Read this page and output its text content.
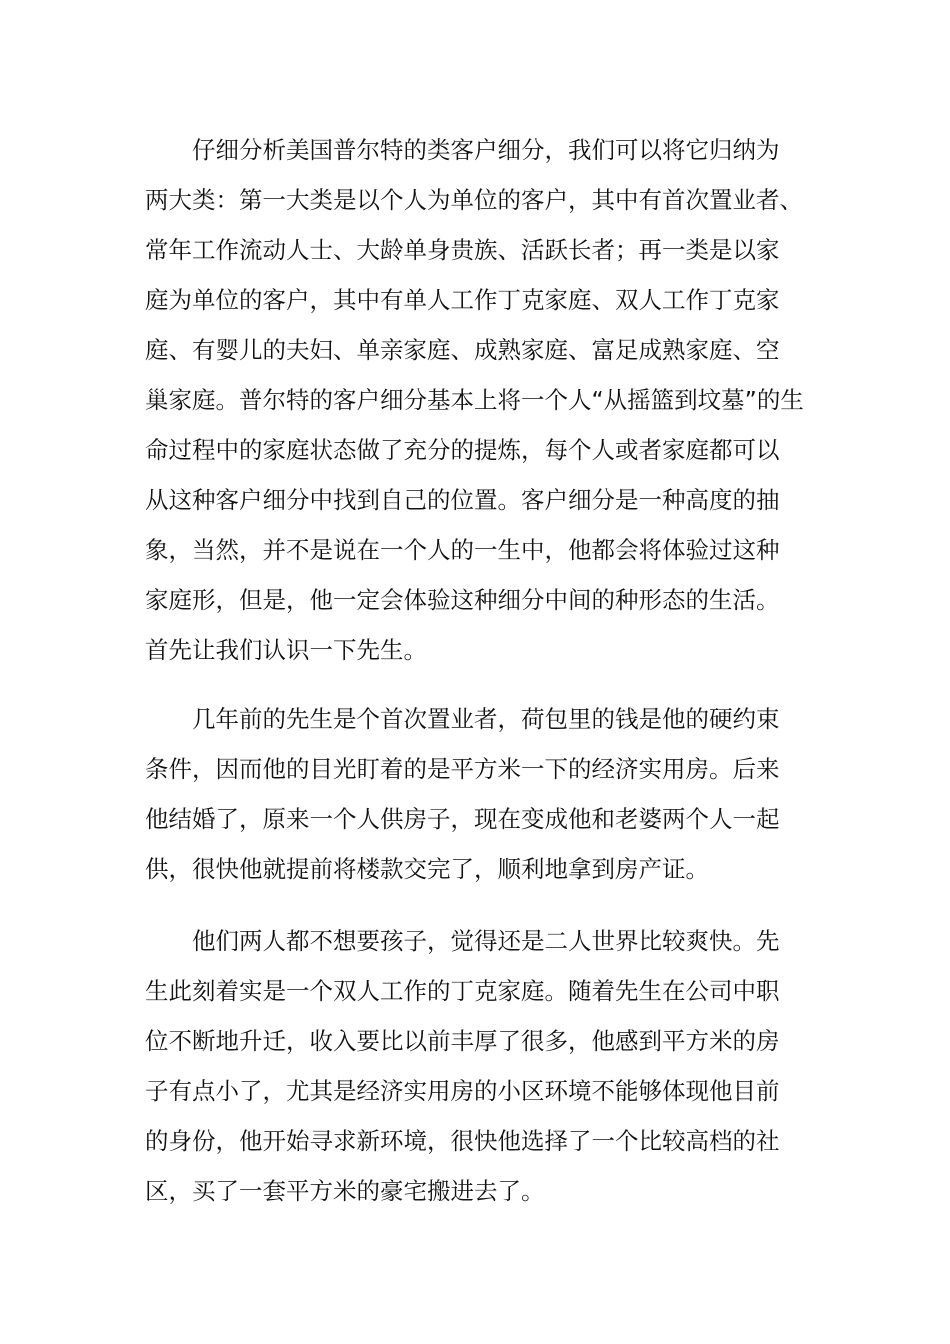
仔细分析美国普尔特的类客户细分，我们可以将它归纳为
两大类：第一大类是以个人为单位的客户，其中有首次置业者、
常年工作流动人士、大龄单身贵族、活跃长者；再一类是以家
庭为单位的客户，其中有单人工作丁克家庭、双人工作丁克家
庭、有婴儿的夫妇、单亲家庭、成熟家庭、富足成熟家庭、空
巢家庭。普尔特的客户细分基本上将一个人“从摇篮到坟墓”的生
命过程中的家庭状态做了充分的提炼，每个人或者家庭都可以
从这种客户细分中找到自己的位置。客户细分是一种高度的抽
象，当然，并不是说在一个人的一生中，他都会将体验过这种
家庭形，但是，他一定会体验这种细分中间的种形态的生活。
首先让我们认识一下先生。
几年前的先生是个首次置业者，荷包里的钱是他的硬约束
条件，因而他的目光盯着的是平方米一下的经济实用房。后来
他结婚了，原来一个人供房子，现在变成他和老婆两个人一起
供，很快他就提前将楼款交完了，顺利地拿到房产证。
他们两人都不想要孩子，觉得还是二人世界比较爽快。先
生此刻着实是一个双人工作的丁克家庭。随着先生在公司中职
位不断地升迁，收入要比以前丰厚了很多，他感到平方米的房
子有点小了，尤其是经济实用房的小区环境不能够体现他目前
的身份，他开始寻求新环境，很快他选择了一个比较高档的社
区，买了一套平方米的豪宅搬进去了。
